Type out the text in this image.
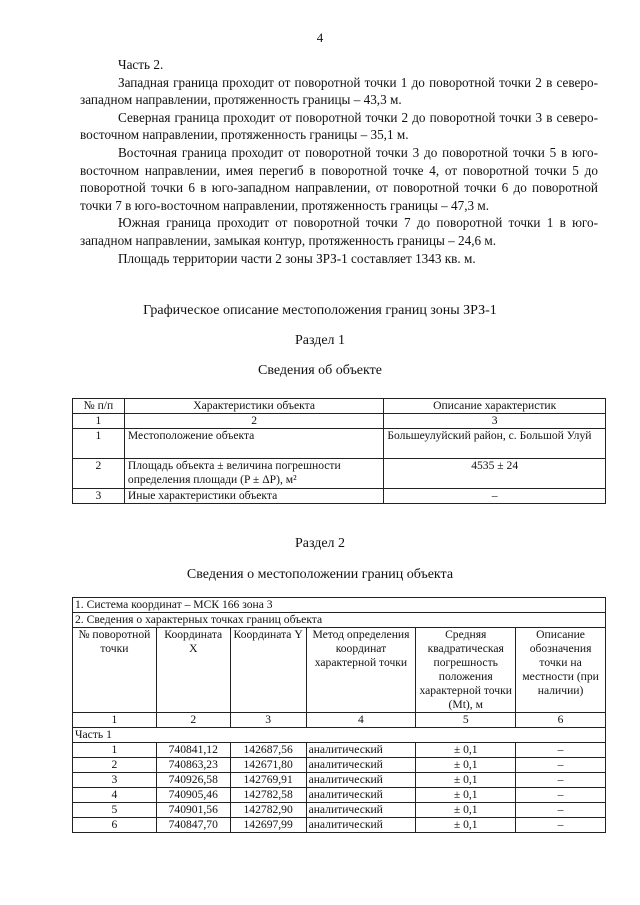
4

Часть 2.

Западная граница проходит от поворотной точки 1 до поворотной точки 2 в северо-западном направлении, протяженность границы – 43,3 м.

Северная граница проходит от поворотной точки 2 до поворотной точки 3 в северо-восточном направлении, протяженность границы – 35,1 м.

Восточная граница проходит от поворотной точки 3 до поворотной точки 5 в юго-восточном направлении, имея перегиб в поворотной точке 4, от поворотной точки 5 до поворотной точки 6 в юго-западном направлении, от поворотной точки 6 до поворотной точки 7 в юго-восточном направлении, протяженность границы – 47,3 м.

Южная граница проходит от поворотной точки 7 до поворотной точки 1 в юго-западном направлении, замыкая контур, протяженность границы – 24,6 м.

Площадь территории части 2 зоны ЗРЗ-1 составляет 1343 кв. м.

Графическое описание местоположения границ зоны ЗРЗ-1
Раздел 1
Сведения об объекте
№ п/п	Характеристики объекта	Описание характеристик
1	2	3
1	Местоположение объекта	Большеулуйский район, с. Большой Улуй
2	Площадь объекта ± величина погрешности определения площади (P ± ΔP), м²	4535 ± 24
3	Иные характеристики объекта	–
Раздел 2
Сведения о местоположении границ объекта
1. Система координат – МСК 166 зона 3					
2. Сведения о характерных точках границ объекта					
№ поворотной точки	Координата X	Координата Y	Метод определения координат характерной точки	Средняя квадратическая погрешность положения характерной точки (Mt), м	Описание обозначения точки на местности (при наличии)
1	2	3	4	5	6
Часть 1					
1	740841,12	142687,56	аналитический	± 0,1	–
2	740863,23	142671,80	аналитический	± 0,1	–
3	740926,58	142769,91	аналитический	± 0,1	–
4	740905,46	142782,58	аналитический	± 0,1	–
5	740901,56	142782,90	аналитический	± 0,1	–
6	740847,70	142697,99	аналитический	± 0,1	–
